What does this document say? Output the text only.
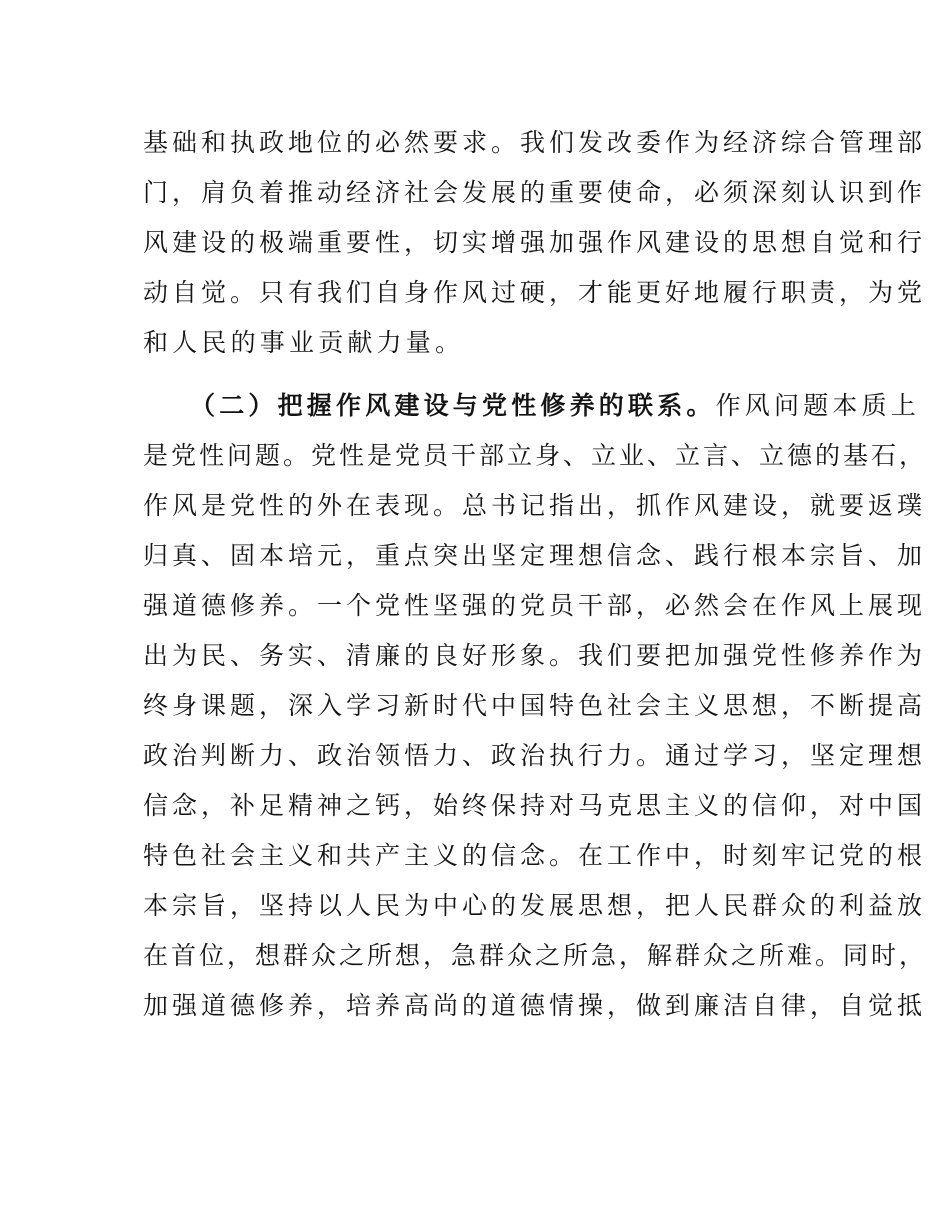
基础和执政地位的必然要求。我们发改委作为经济综合管理部
门，肩负着推动经济社会发展的重要使命，必须深刻认识到作
风建设的极端重要性，切实增强加强作风建设的思想自觉和行
动自觉。只有我们自身作风过硬，才能更好地履行职责，为党
和人民的事业贡献力量。
（二）把握作风建设与党性修养的联系。作风问题本质上
是党性问题。党性是党员干部立身、立业、立言、立德的基石，
作风是党性的外在表现。总书记指出，抓作风建设，就要返璞
归真、固本培元，重点突出坚定理想信念、践行根本宗旨、加
强道德修养。一个党性坚强的党员干部，必然会在作风上展现
出为民、务实、清廉的良好形象。我们要把加强党性修养作为
终身课题，深入学习新时代中国特色社会主义思想，不断提高
政治判断力、政治领悟力、政治执行力。通过学习，坚定理想
信念，补足精神之钙，始终保持对马克思主义的信仰，对中国
特色社会主义和共产主义的信念。在工作中，时刻牢记党的根
本宗旨，坚持以人民为中心的发展思想，把人民群众的利益放
在首位，想群众之所想，急群众之所急，解群众之所难。同时，
加强道德修养，培养高尚的道德情操，做到廉洁自律，自觉抵
